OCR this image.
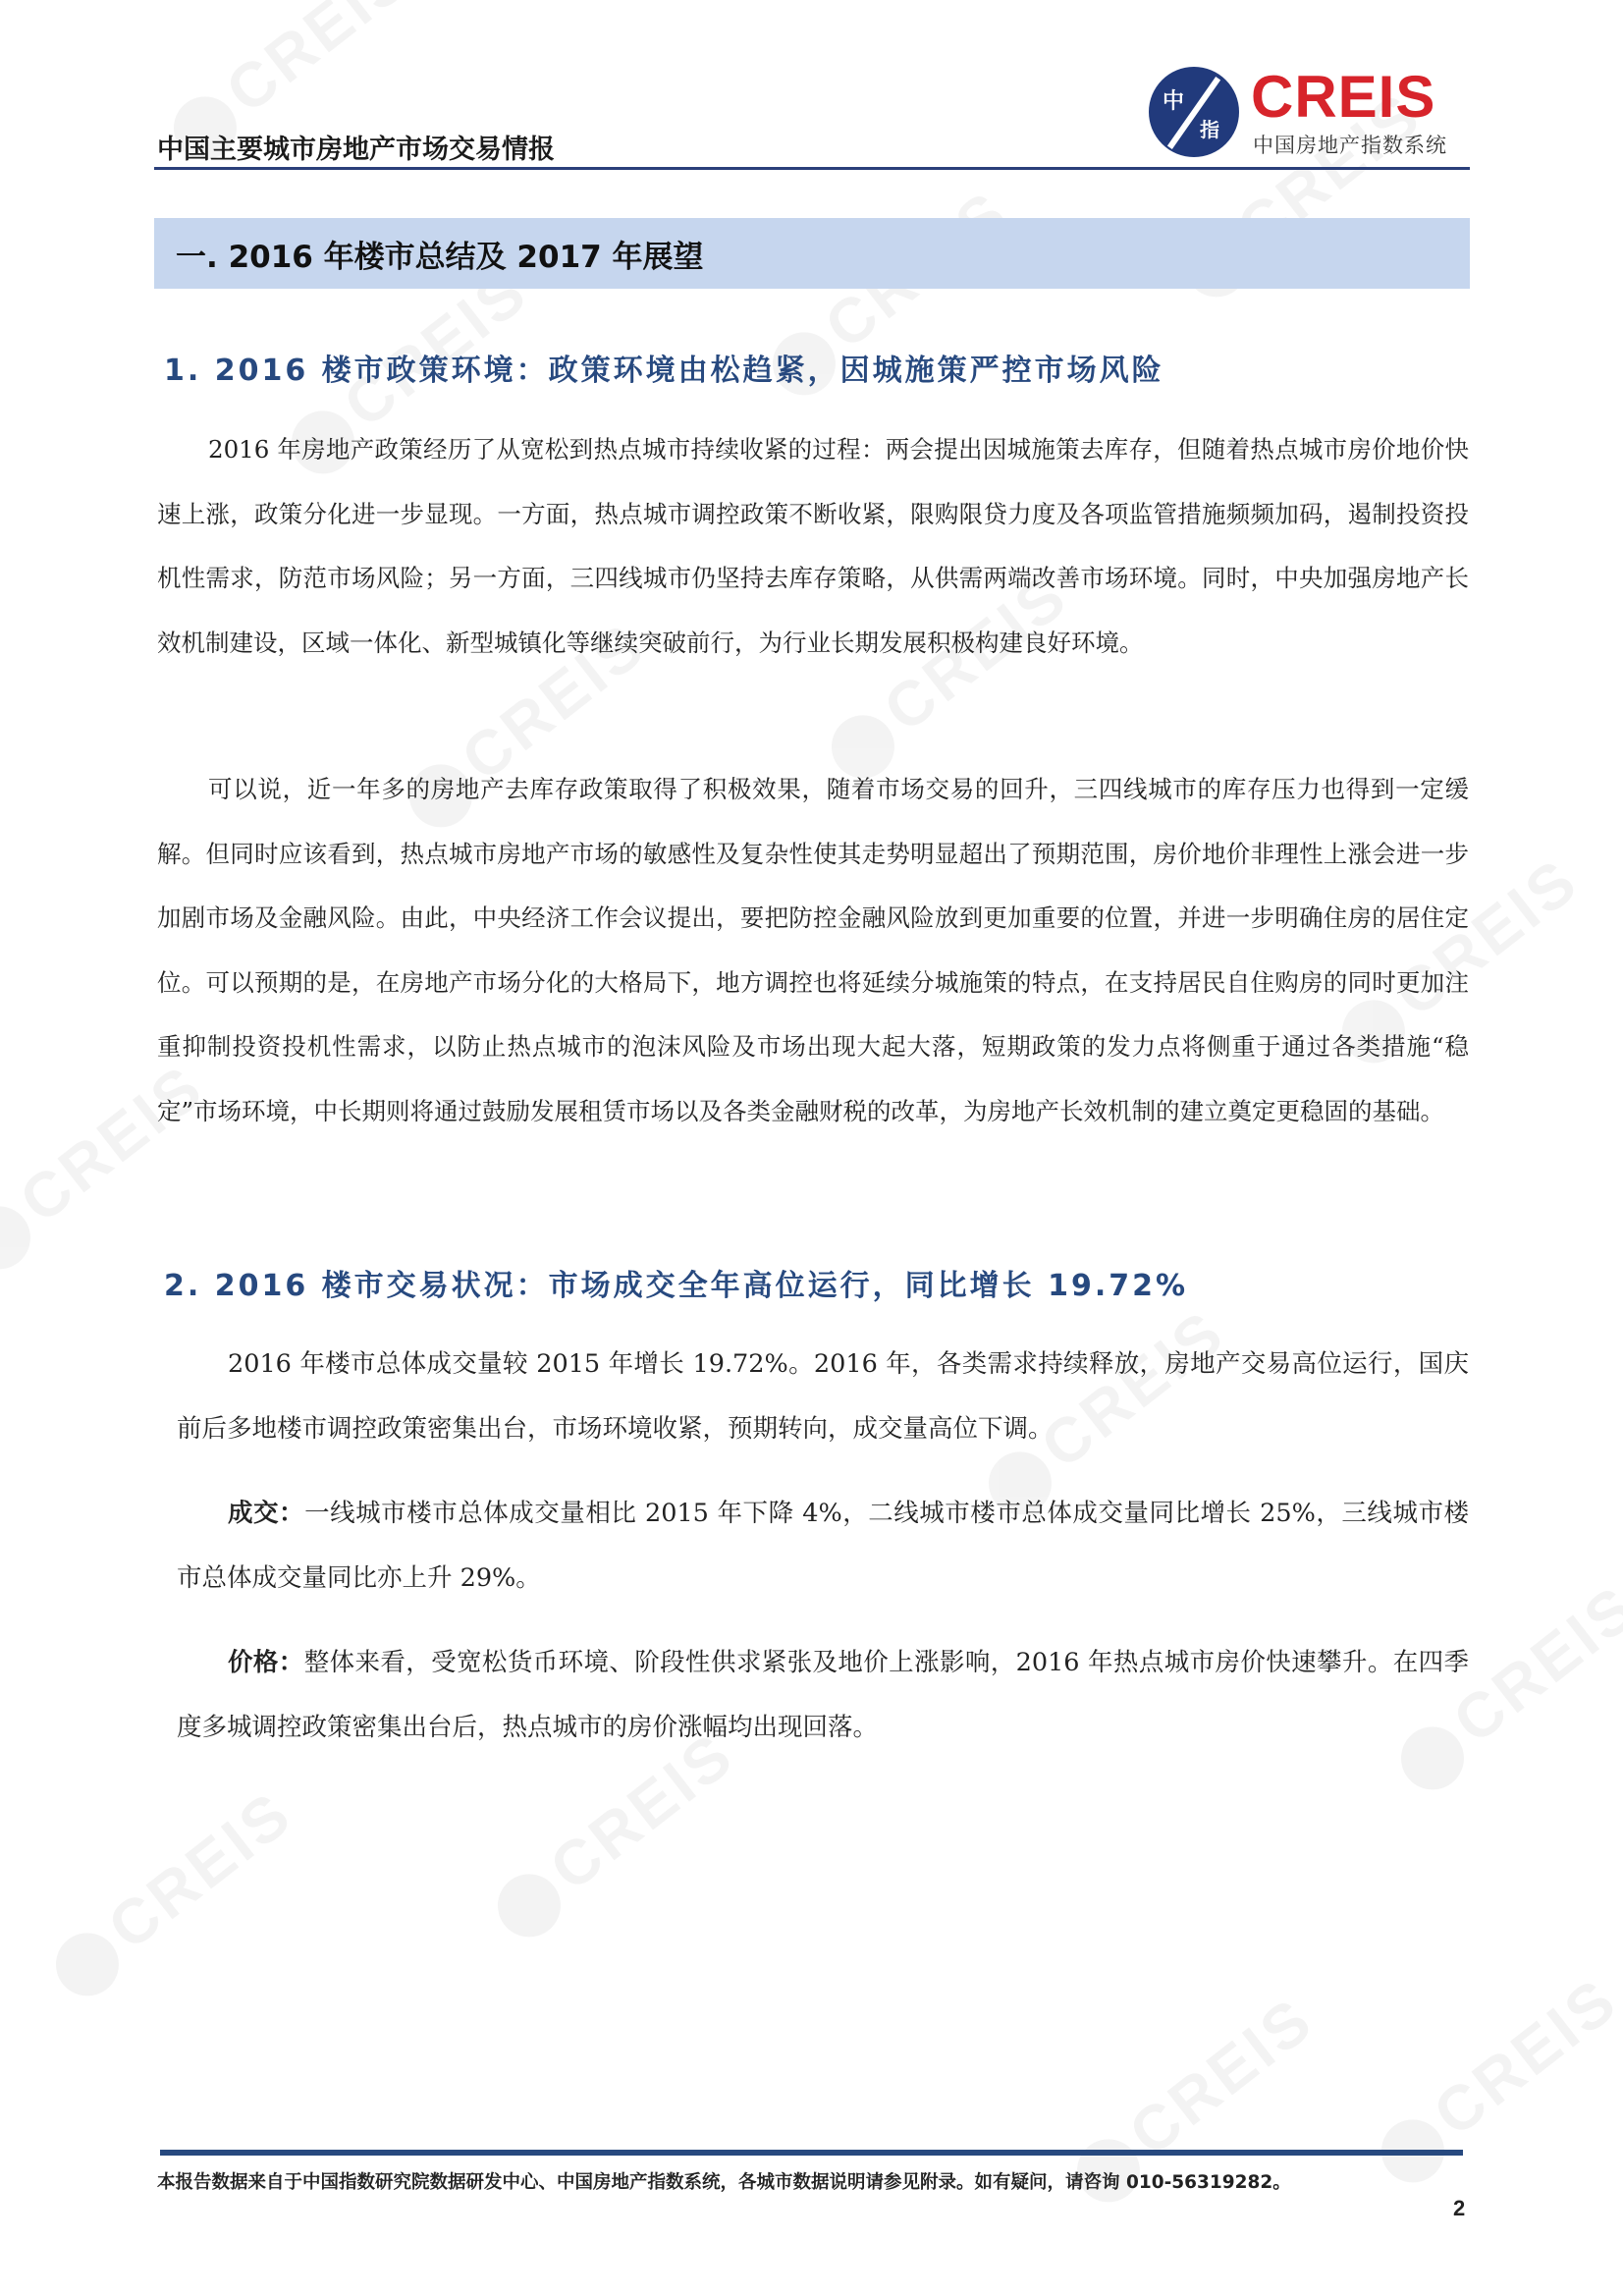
中
指 CREIS
中国房地产指数系统
中国主要城市房地产市场交易情报
一. 2016 年楼市总结及 2017 年展望
1. 2016 楼市政策环境：政策环境由松趋紧，因城施策严控市场风险

2016 年房地产政策经历了从宽松到热点城市持续收紧的过程：两会提出因城施策去库存，但随着热点城市房价地价快速上涨，政策分化进一步显现。一方面，热点城市调控政策不断收紧，限购限贷力度及各项监管措施频频加码，遏制投资投机性需求，防范市场风险；另一方面，三四线城市仍坚持去库存策略，从供需两端改善市场环境。同时，中央加强房地产长效机制建设，区域一体化、新型城镇化等继续突破前行，为行业长期发展积极构建良好环境。

可以说，近一年多的房地产去库存政策取得了积极效果，随着市场交易的回升，三四线城市的库存压力也得到一定缓解。但同时应该看到，热点城市房地产市场的敏感性及复杂性使其走势明显超出了预期范围，房价地价非理性上涨会进一步加剧市场及金融风险。由此，中央经济工作会议提出，要把防控金融风险放到更加重要的位置，并进一步明确住房的居住定位。可以预期的是，在房地产市场分化的大格局下，地方调控也将延续分城施策的特点，在支持居民自住购房的同时更加注重抑制投资投机性需求，以防止热点城市的泡沫风险及市场出现大起大落，短期政策的发力点将侧重于通过各类措施“稳定”市场环境，中长期则将通过鼓励发展租赁市场以及各类金融财税的改革，为房地产长效机制的建立奠定更稳固的基础。

2. 2016 楼市交易状况：市场成交全年高位运行，同比增长 19.72%

2016 年楼市总体成交量较 2015 年增长 19.72%。2016 年，各类需求持续释放，房地产交易高位运行，国庆前后多地楼市调控政策密集出台，市场环境收紧，预期转向，成交量高位下调。

成交：一线城市楼市总体成交量相比 2015 年下降 4%，二线城市楼市总体成交量同比增长 25%，三线城市楼市总体成交量同比亦上升 29%。

价格：整体来看，受宽松货币环境、阶段性供求紧张及地价上涨影响，2016 年热点城市房价快速攀升。在四季度多城调控政策密集出台后，热点城市的房价涨幅均出现回落。

本报告数据来自于中国指数研究院数据研发中心、中国房地产指数系统，各城市数据说明请参见附录。如有疑问，请咨询 010-56319282。
2
